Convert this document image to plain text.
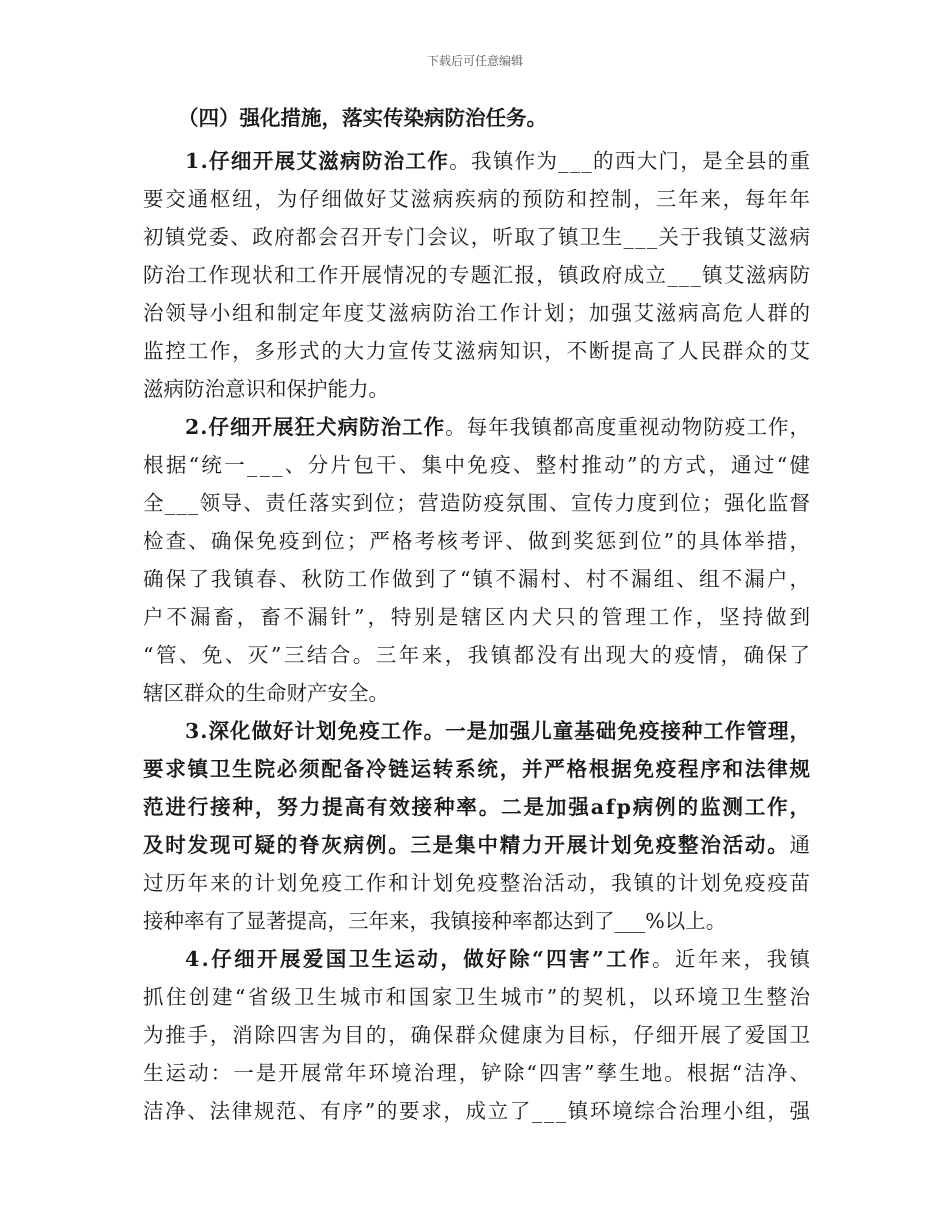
下载后可任意编辑
（四）强化措施，落实传染病防治任务。
1.仔细开展艾滋病防治工作。我镇作为___的西大门，是全县的重
要交通枢纽，为仔细做好艾滋病疾病的预防和控制，三年来，每年年
初镇党委、政府都会召开专门会议，听取了镇卫生___关于我镇艾滋病
防治工作现状和工作开展情况的专题汇报，镇政府成立___镇艾滋病防
治领导小组和制定年度艾滋病防治工作计划；加强艾滋病高危人群的
监控工作，多形式的大力宣传艾滋病知识，不断提高了人民群众的艾
滋病防治意识和保护能力。
2.仔细开展狂犬病防治工作。每年我镇都高度重视动物防疫工作，
根据“统一___、分片包干、集中免疫、整村推动”的方式，通过“健
全___领导、责任落实到位；营造防疫氛围、宣传力度到位；强化监督
检查、确保免疫到位；严格考核考评、做到奖惩到位”的具体举措，
确保了我镇春、秋防工作做到了“镇不漏村、村不漏组、组不漏户，
户不漏畜，畜不漏针”，特别是辖区内犬只的管理工作，坚持做到
“管、免、灭”三结合。三年来，我镇都没有出现大的疫情，确保了
辖区群众的生命财产安全。
3.深化做好计划免疫工作。一是加强儿童基础免疫接种工作管理，
要求镇卫生院必须配备冷链运转系统，并严格根据免疫程序和法律规
范进行接种，努力提高有效接种率。二是加强afp病例的监测工作，
及时发现可疑的脊灰病例。三是集中精力开展计划免疫整治活动。通
过历年来的计划免疫工作和计划免疫整治活动，我镇的计划免疫疫苗
接种率有了显著提高，三年来，我镇接种率都达到了___%以上。
4.仔细开展爱国卫生运动，做好除“四害”工作。近年来，我镇
抓住创建“省级卫生城市和国家卫生城市”的契机，以环境卫生整治
为推手，消除四害为目的，确保群众健康为目标，仔细开展了爱国卫
生运动：一是开展常年环境治理，铲除“四害”孳生地。根据“洁净、
洁净、法律规范、有序”的要求，成立了___镇环境综合治理小组，强
